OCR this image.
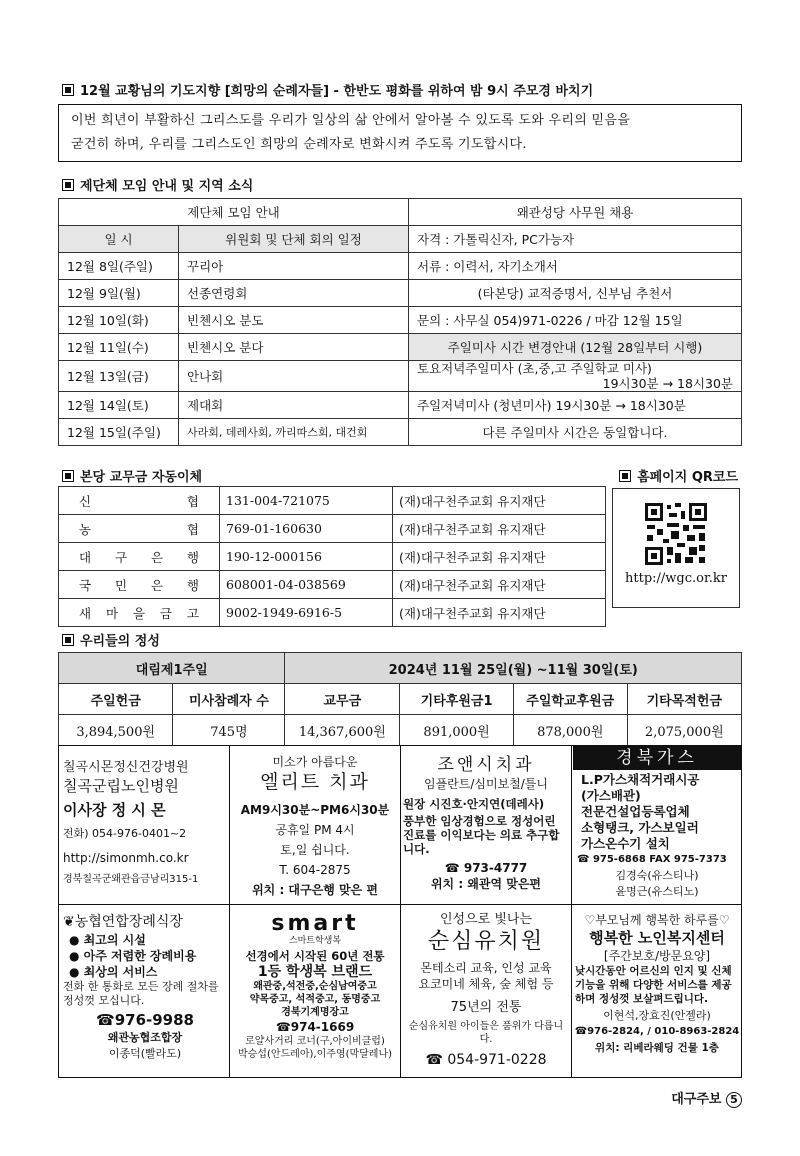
12월 교황님의 기도지향 [희망의 순례자들] - 한반도 평화를 위하여 밤 9시 주모경 바치기
이번 희년이 부활하신 그리스도를 우리가 일상의 삶 안에서 알아볼 수 있도록 도와 우리의 믿음을
굳건히 하며, 우리를 그리스도인 희망의 순례자로 변화시켜 주도록 기도합시다.
제단체 모임 안내 및 지역 소식
제단체 모임 안내		왜관성당 사무원 채용
일 시	위원회 및 단체 회의 일정	자격 : 가톨릭신자, PC가능자
12월 8일(주일)	꾸리아	서류 : 이력서, 자기소개서
12월 9일(월)	선종연령회	(타본당) 교적증명서, 신부님 추천서
12월 10일(화)	빈첸시오 분도	문의 : 사무실 054)971-0226 / 마감 12월 15일
12월 11일(수)	빈첸시오 분다	주일미사 시간 변경안내 (12월 28일부터 시행)
12월 13일(금)	안나회	토요저녁주일미사 (초,중,고 주일학교 미사)
19시30분 → 18시30분

12월 14일(토)	제대회	주일저녁미사 (청년미사) 19시30분 → 18시30분
12월 15일(주일)	사라회, 데레사회, 까리따스회, 대건회	다른 주일미사 시간은 동일합니다.
본당 교무금 자동이체	홈페이지 QR코드
신 협	131-004-721075	(재)대구천주교회 유지재단

농 협	769-01-160630	(재)대구천주교회 유지재단

대 구 은 행	190-12-000156	(재)대구천주교회 유지재단

국 민 은 행	608001-04-038569	(재)대구천주교회 유지재단

새 마 을 금 고	9002-1949-6916-5	(재)대구천주교회 유지재단
http://wgc.or.kr
우리들의 정성
대림제1주일		2024년 11월 25일(월) ~11월 30일(토)			
주일헌금	미사참례자 수	교무금	기타후원금1	주일학교후원금	기타목적헌금
3,894,500원	745명	14,367,600원	891,000원	878,000원	2,075,000원
칠곡시몬정신건강병원
칠곡군립노인병원
이사장 정 시 몬
전화) 054-976-0401~2
http://simonmh.co.kr
경북칠곡군왜관읍금남리315-1
미소가 아름다운
엘리트 치과
AM9시30분~PM6시30분
공휴일 PM 4시
토,일 쉽니다.
T. 604-2875
위치 : 대구은행 맞은 편
조앤시치과
임플란트/심미보철/틀니
원장 시진호·안지연(데레사)
풍부한 임상경험으로 정성어린 진료를 이익보다는 의료 추구합니다.
☎ 973-4777
위치 : 왜관역 맞은편
경북가스
L.P가스채적거래시공
(가스배관)
전문건설업등록업체
소형탱크, 가스보일러
가스온수기 설치
☎ 975-6868 FAX 975-7373
김경숙(유스티나)
윤명근(유스티노)
❦농협연합장례식장
● 최고의 시설
● 아주 저렴한 장례비용
● 최상의 서비스
전화 한 통화로 모든 장례 절차를 정성껏 모십니다.
☎976-9988
왜관농협조합장
이종덕(빨라도)
smart
스마트학생복
선경에서 시작된 60년 전통
1등 학생복 브랜드
왜관중,석전중,순심남여중고
약목중고, 석적중고, 동명중고
경북기계명장고
☎974-1669
로얄사거리 코너(구,아이비클럽)
박승섭(안드레아),이주영(막달레나)
인성으로 빛나는
순심유치원
몬테소리 교육, 인성 교육
요코미네 체육, 숲 체험 등
75년의 전통
순심유치원 아이들은 품위가 다릅니다.
☎ 054-971-0228
♡부모님께 행복한 하루를♡
행복한 노인복지센터
[주간보호/방문요양]
낮시간동안 어르신의 인지 및 신체기능을 위해 다양한 서비스를 제공하며 정성껏 보살펴드립니다.
이현석,장효진(안젤라)
☎976-2824, / 010-8963-2824
위치: 리베라웨딩 건물 1층
대구주보 5
